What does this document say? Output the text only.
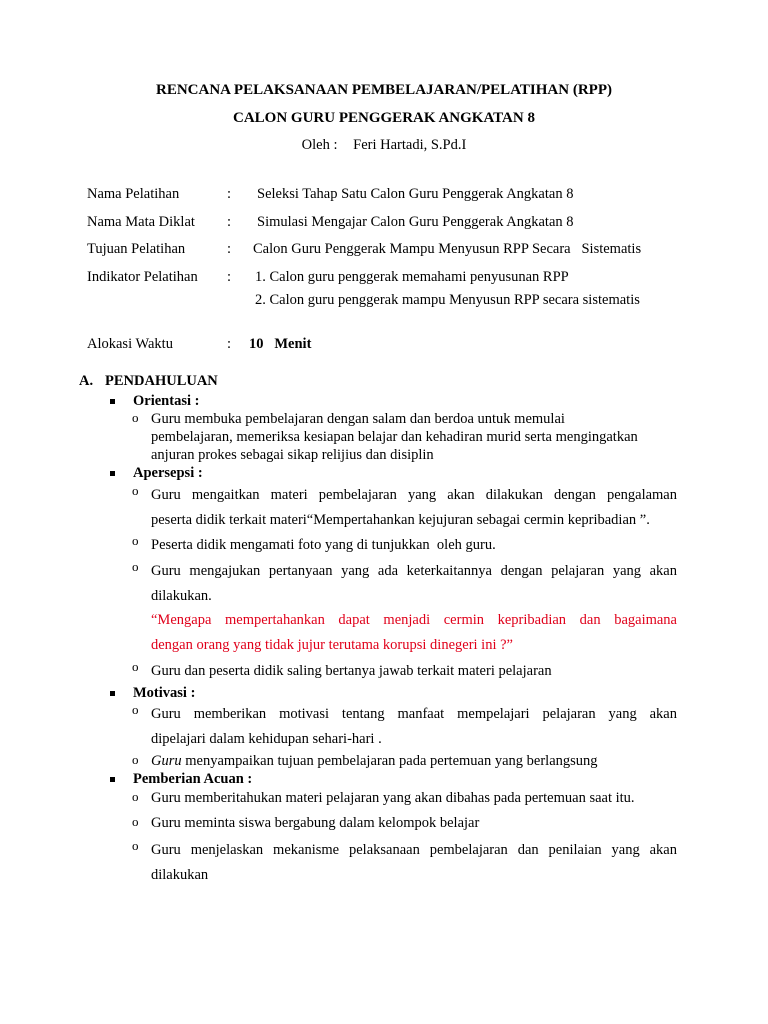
RENCANA PELAKSANAAN PEMBELAJARAN/PELATIHAN (RPP)
CALON GURU PENGGERAK ANGKATAN 8
Oleh : Feri Hartadi, S.Pd.I
Nama Pelatihan	: Seleksi Tahap Satu Calon Guru Penggerak Angkatan 8
Nama Mata Diklat : Simulasi Mengajar Calon Guru Penggerak Angkatan 8
Tujuan Pelatihan	: Calon Guru Penggerak Mampu Menyusun RPP Secara   Sistematis
Indikator Pelatihan : 1. Calon guru penggerak memahami penyusunan RPP
2. Calon guru penggerak mampu Menyusun RPP secara sistematis
Alokasi Waktu	: 10   Menit
A. PENDAHULUAN
Orientasi :
o Guru membuka pembelajaran dengan salam dan berdoa untuk memulai
pembelajaran, memeriksa kesiapan belajar dan kehadiran murid serta mengingatkan
anjuran prokes sebagai sikap relijius dan disiplin
Apersepsi :
o Guru mengaitkan materi pembelajaran yang akan dilakukan dengan pengalaman
peserta didik terkait materi“Mempertahankan kejujuran sebagai cermin kepribadian ”.
o Peserta didik mengamati foto yang di tunjukkan  oleh guru.
o Guru mengajukan pertanyaan yang ada keterkaitannya dengan pelajaran yang akan
dilakukan.
“Mengapa mempertahankan dapat menjadi cermin kepribadian dan bagaimana
dengan orang yang tidak jujur terutama korupsi dinegeri ini ?”
o Guru dan peserta didik saling bertanya jawab terkait materi pelajaran
Motivasi :
o Guru memberikan motivasi tentang manfaat mempelajari pelajaran yang akan
dipelajari dalam kehidupan sehari-hari .
o Guru menyampaikan tujuan pembelajaran pada pertemuan yang berlangsung
Pemberian Acuan :
o Guru memberitahukan materi pelajaran yang akan dibahas pada pertemuan saat itu.
o Guru meminta siswa bergabung dalam kelompok belajar
o Guru menjelaskan mekanisme pelaksanaan pembelajaran dan penilaian yang akan
dilakukan
